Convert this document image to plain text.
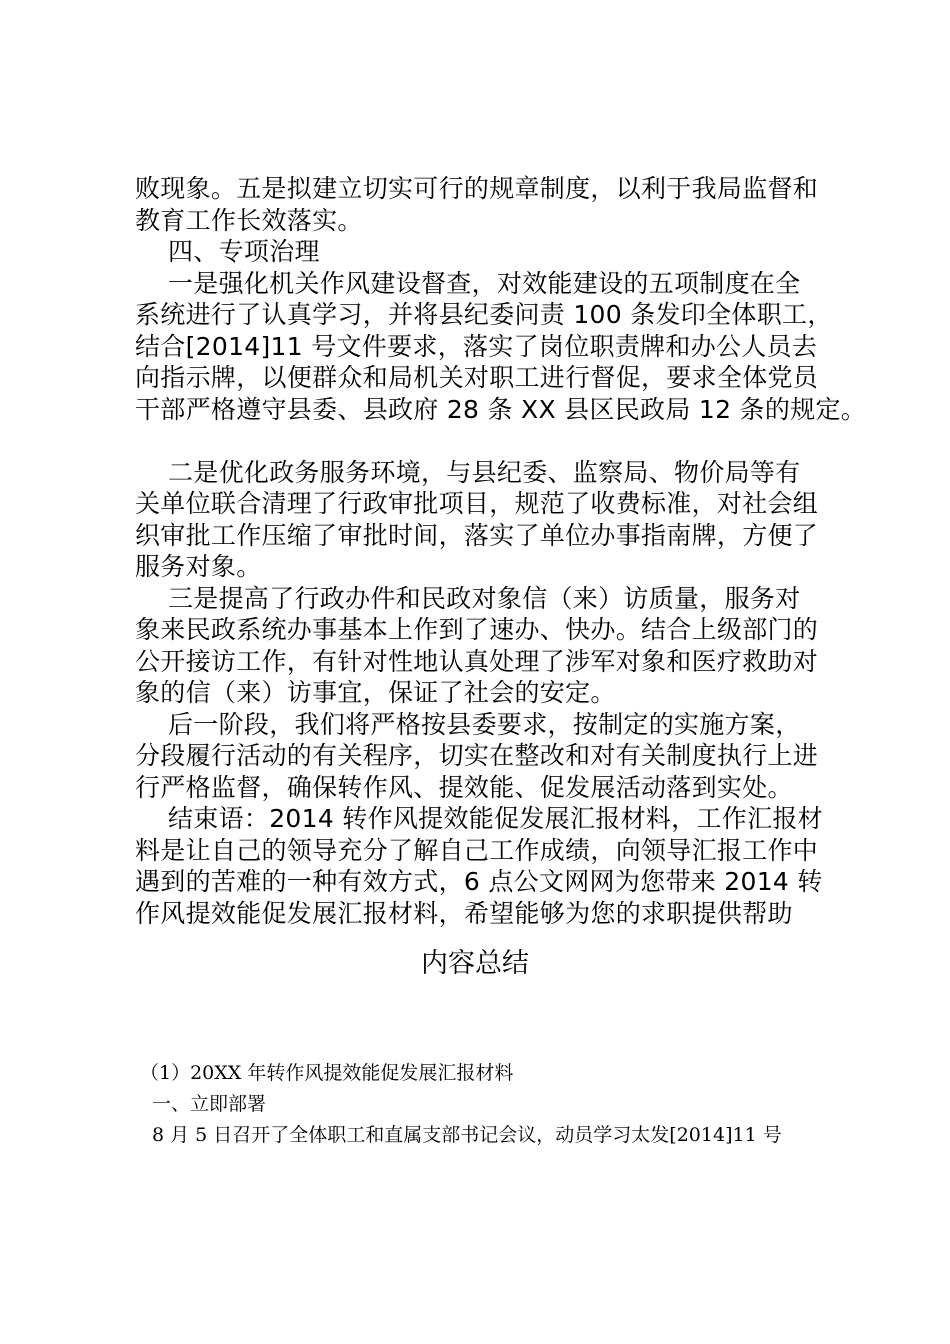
败现象。五是拟建立切实可行的规章制度，以利于我局监督和
教育工作长效落实。
四、专项治理
一是强化机关作风建设督查，对效能建设的五项制度在全
系统进行了认真学习，并将县纪委问责 100 条发印全体职工，
结合[2014]11 号文件要求，落实了岗位职责牌和办公人员去
向指示牌，以便群众和局机关对职工进行督促，要求全体党员
干部严格遵守县委、县政府 28 条 XX 县区民政局 12 条的规定。
二是优化政务服务环境，与县纪委、监察局、物价局等有
关单位联合清理了行政审批项目，规范了收费标准，对社会组
织审批工作压缩了审批时间，落实了单位办事指南牌，方便了
服务对象。
三是提高了行政办件和民政对象信（来）访质量，服务对
象来民政系统办事基本上作到了速办、快办。结合上级部门的
公开接访工作，有针对性地认真处理了涉军对象和医疗救助对
象的信（来）访事宜，保证了社会的安定。
后一阶段，我们将严格按县委要求，按制定的实施方案，
分段履行活动的有关程序，切实在整改和对有关制度执行上进
行严格监督，确保转作风、提效能、促发展活动落到实处。
结束语：2014 转作风提效能促发展汇报材料，工作汇报材
料是让自己的领导充分了解自己工作成绩，向领导汇报工作中
遇到的苦难的一种有效方式，6 点公文网网为您带来 2014 转
作风提效能促发展汇报材料，希望能够为您的求职提供帮助
内容总结
（1）20XX 年转作风提效能促发展汇报材料
一、立即部署
8 月 5 日召开了全体职工和直属支部书记会议，动员学习太发[2014]11 号
